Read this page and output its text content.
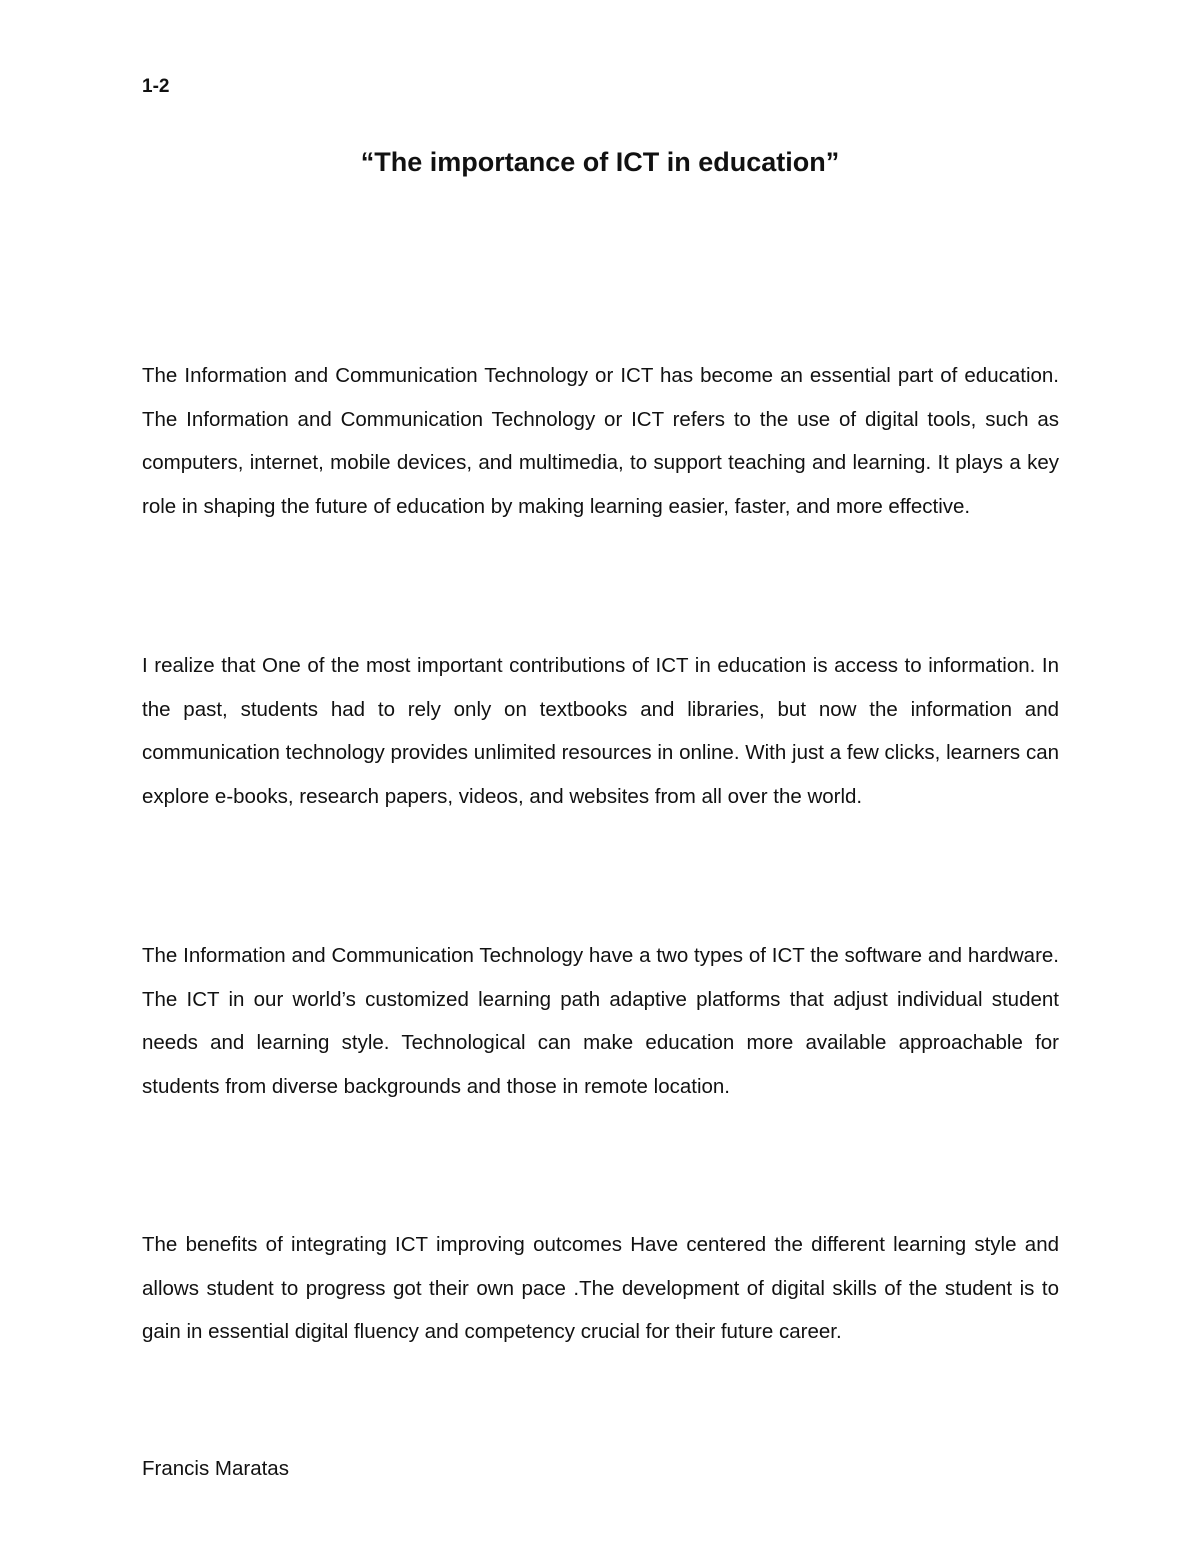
1-2
“The importance of ICT in education”

The Information and Communication Technology or ICT has become an essential part of education. The Information and Communication Technology or ICT refers to the use of digital tools, such as computers, internet, mobile devices, and multimedia, to support teaching and learning. It plays a key role in shaping the future of education by making learning easier, faster, and more effective.

I realize that One of the most important contributions of ICT in education is access to information. In the past, students had to rely only on textbooks and libraries, but now the information and communication technology provides unlimited resources in online. With just a few clicks, learners can explore e-books, research papers, videos, and websites from all over the world.

The Information and Communication Technology have a two types of ICT the software and hardware. The ICT in our world’s customized learning path adaptive platforms that adjust individual student needs and learning style. Technological can make education more available approachable for students from diverse backgrounds and those in remote location.

The benefits of integrating ICT improving outcomes Have centered the different learning style and allows student to progress got their own pace .The development of digital skills of the student is to gain in essential digital fluency and competency crucial for their future career.

Francis Maratas
